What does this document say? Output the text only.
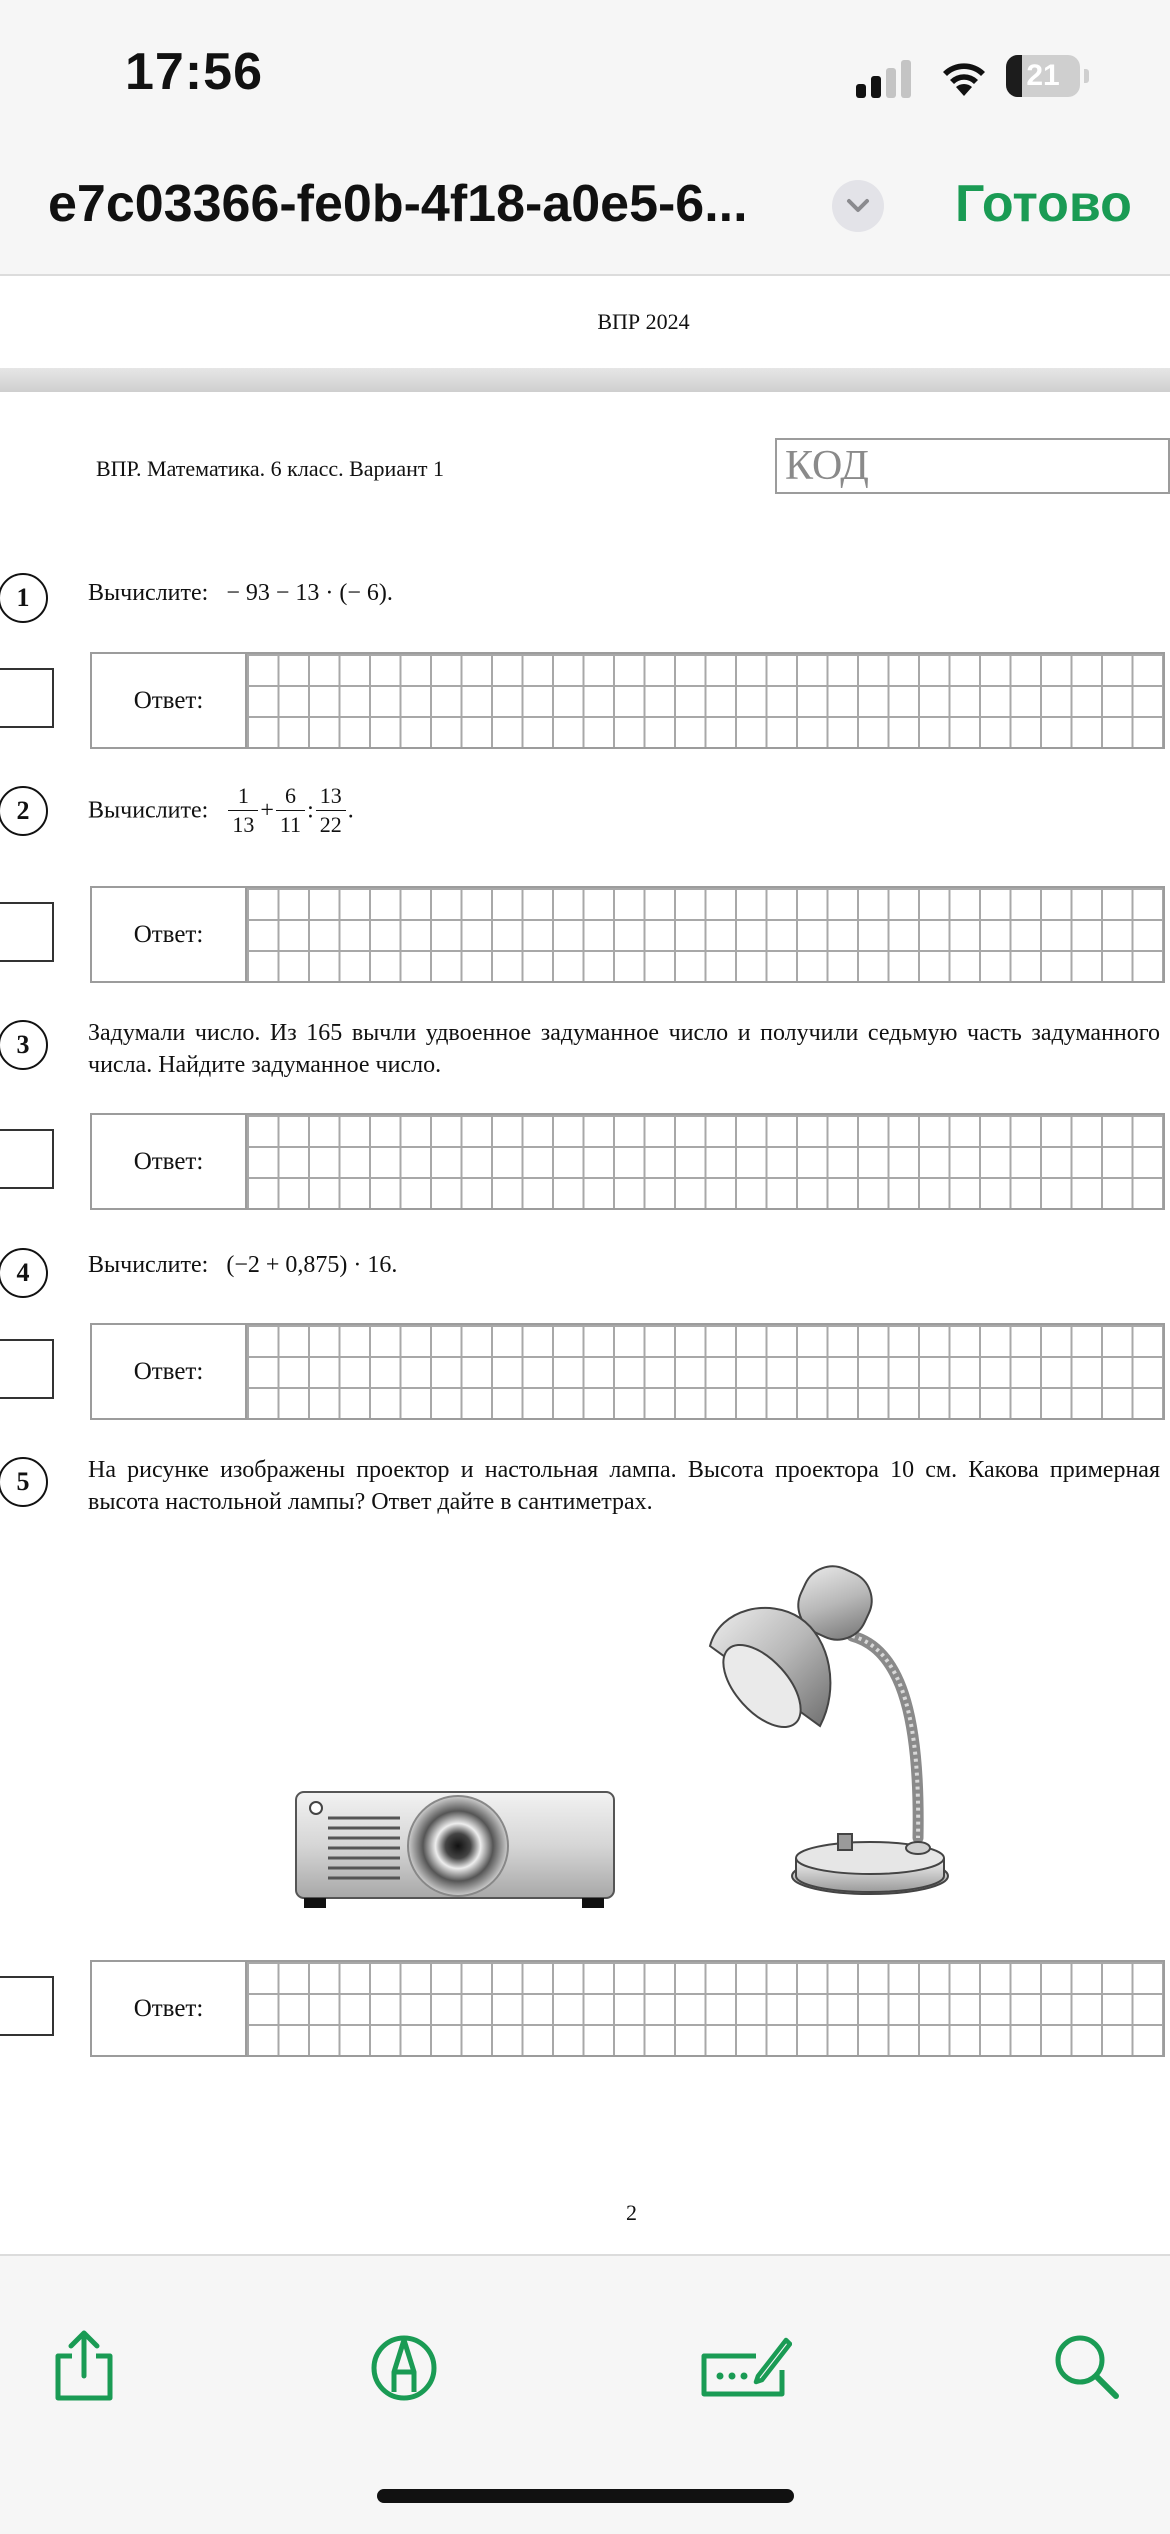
17:56	21
e7c03366-fe0b-4f18-a0e5-6...	Готово
ВПР 2024
ВПР. Математика. 6 класс. Вариант 1	КОД
1	Вычислите: − 93 − 13 · (− 6).
Ответ:
2	Вычислите: $\frac{1}{13} + \frac{6}{11}$ : $\frac{13}{22}$ .
Ответ:
3	Задумали число. Из 165 вычли удвоенное задуманное число и получили седьмую часть задуманного числа. Найдите задуманное число.
Ответ:
4	Вычислите: (−2 + 0,875) · 16.
Ответ:
5	На рисунке изображены проектор и настольная лампа. Высота проектора 10 см. Какова примерная высота настольной лампы? Ответ дайте в сантиметрах.
Ответ:
2
